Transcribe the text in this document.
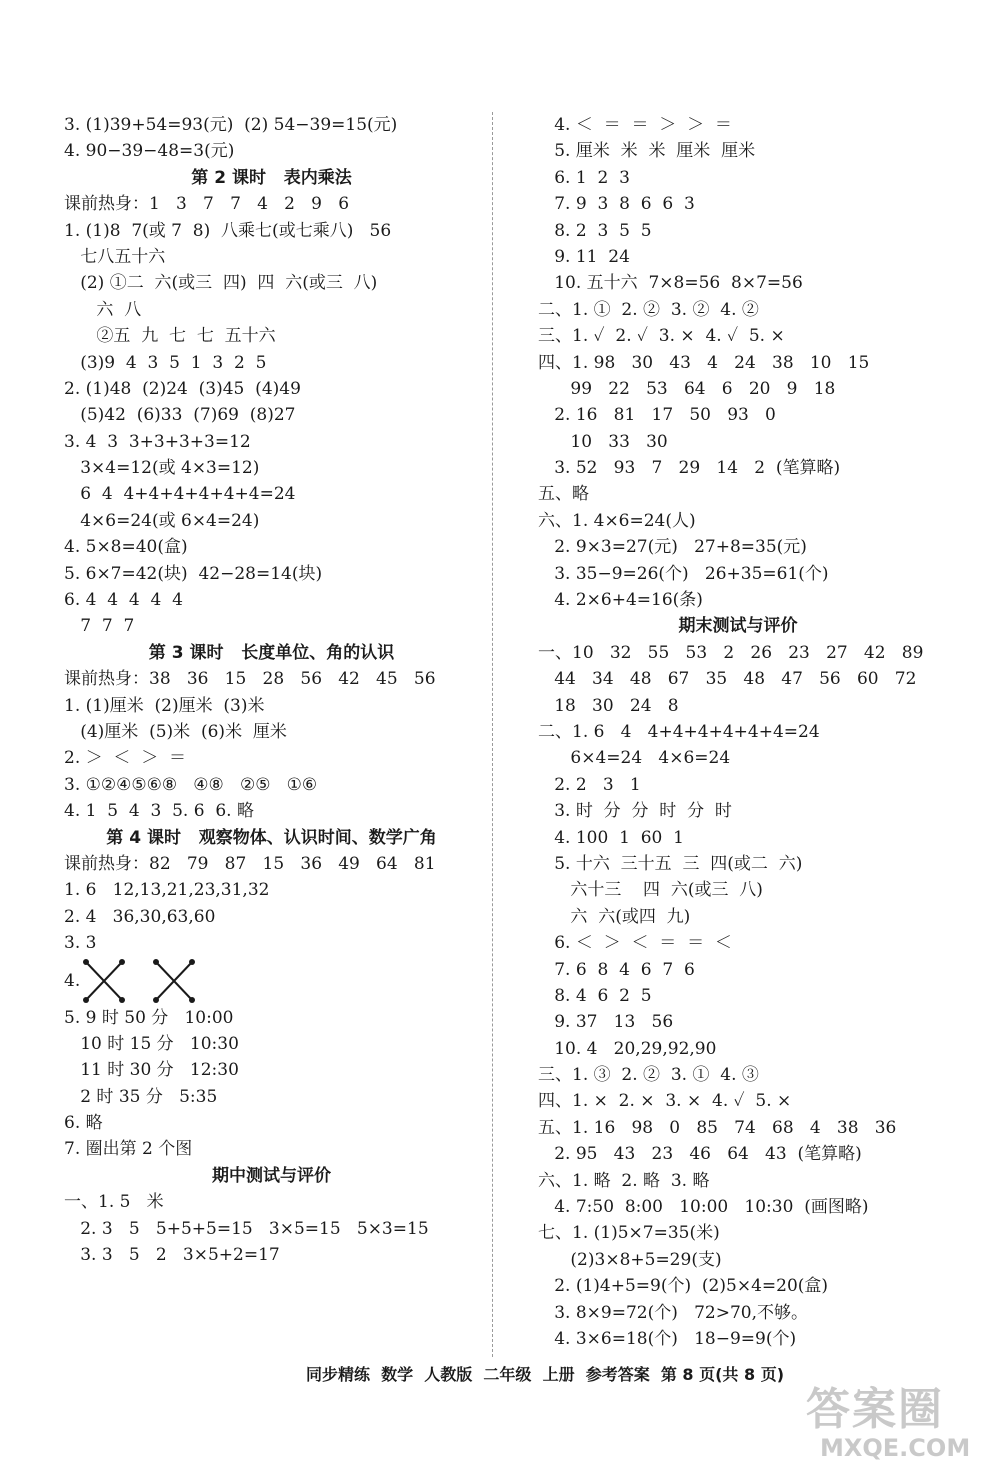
3. (1)39+54=93(元)  (2) 54−39=15(元)
4. 90−39−48=3(元)
第 2 课时   表内乘法
课前热身：1   3   7   7   4   2   9   6
1. (1)8  7(或 7  8)  八乘七(或七乘八)   56
七八五十六
(2) ①二  六(或三  四)  四  六(或三  八)
六  八
②五  九  七  七  五十六
(3)9  4  3  5  1  3  2  5
2. (1)48  (2)24  (3)45  (4)49
(5)42  (6)33  (7)69  (8)27
3. 4  3  3+3+3+3=12
3×4=12(或 4×3=12)
6  4  4+4+4+4+4+4=24
4×6=24(或 6×4=24)
4. 5×8=40(盒)
5. 6×7=42(块)  42−28=14(块)
6. 4  4  4  4  4
7  7  7
第 3 课时   长度单位、角的认识
课前热身：38   36   15   28   56   42   45   56
1. (1)厘米  (2)厘米  (3)米
(4)厘米  (5)米  (6)米  厘米
2. ＞  ＜  ＞  ＝
3. ①②④⑤⑥⑧   ④⑧   ②⑤   ①⑥
4. 1  5  4  3  5. 6  6. 略
第 4 课时   观察物体、认识时间、数学广角
课前热身：82   79   87   15   36   49   64   81
1. 6   12,13,21,23,31,32
2. 4   36,30,63,60
3. 3
4.
5. 9 时 50 分   10:00
10 时 15 分   10:30
11 时 30 分   12:30
2 时 35 分   5:35
6. 略
7. 圈出第 2 个图
期中测试与评价
一、1. 5   米
2. 3   5   5+5+5=15   3×5=15   5×3=15
3. 3   5   2   3×5+2=17
4. ＜  ＝  ＝  ＞  ＞  ＝
5. 厘米  米  米  厘米  厘米
6. 1  2  3
7. 9  3  8  6  6  3
8. 2  3  5  5
9. 11  24
10. 五十六  7×8=56  8×7=56
二、1. ①  2. ②  3. ②  4. ②
三、1. ✓  2. ✓  3. ×  4. ✓  5. ×
四、1. 98   30   43   4   24   38   10   15
99   22   53   64   6   20   9   18
2. 16   81   17   50   93   0
10   33   30
3. 52   93   7   29   14   2  (笔算略)
五、略
六、1. 4×6=24(人)
2. 9×3=27(元)   27+8=35(元)
3. 35−9=26(个)   26+35=61(个)
4. 2×6+4=16(条)
期末测试与评价
一、10   32   55   53   2   26   23   27   42   89
44   34   48   67   35   48   47   56   60   72
18   30   24   8
二、1. 6   4   4+4+4+4+4+4=24
6×4=24   4×6=24
2. 2   3   1
3. 时  分  分  时  分  时
4. 100  1  60  1
5. 十六  三十五  三  四(或二  六)
六十三    四  六(或三  八)
六  六(或四  九)
6. ＜  ＞  ＜  ＝  ＝  ＜
7. 6  8  4  6  7  6
8. 4  6  2  5
9. 37   13   56
10. 4   20,29,92,90
三、1. ③  2. ②  3. ①  4. ③
四、1. ×  2. ×  3. ×  4. ✓  5. ×
五、1. 16   98   0   85   74   68   4   38   36
2. 95   43   23   46   64   43  (笔算略)
六、1. 略  2. 略  3. 略
4. 7:50  8:00   10:00   10:30  (画图略)
七、1. (1)5×7=35(米)
(2)3×8+5=29(支)
2. (1)4+5=9(个)  (2)5×4=20(盒)
3. 8×9=72(个)   72>70,不够。
4. 3×6=18(个)   18−9=9(个)
同步精练  数学  人教版  二年级  上册  参考答案  第 8 页(共 8 页)
答案圈
MXQE.COM
